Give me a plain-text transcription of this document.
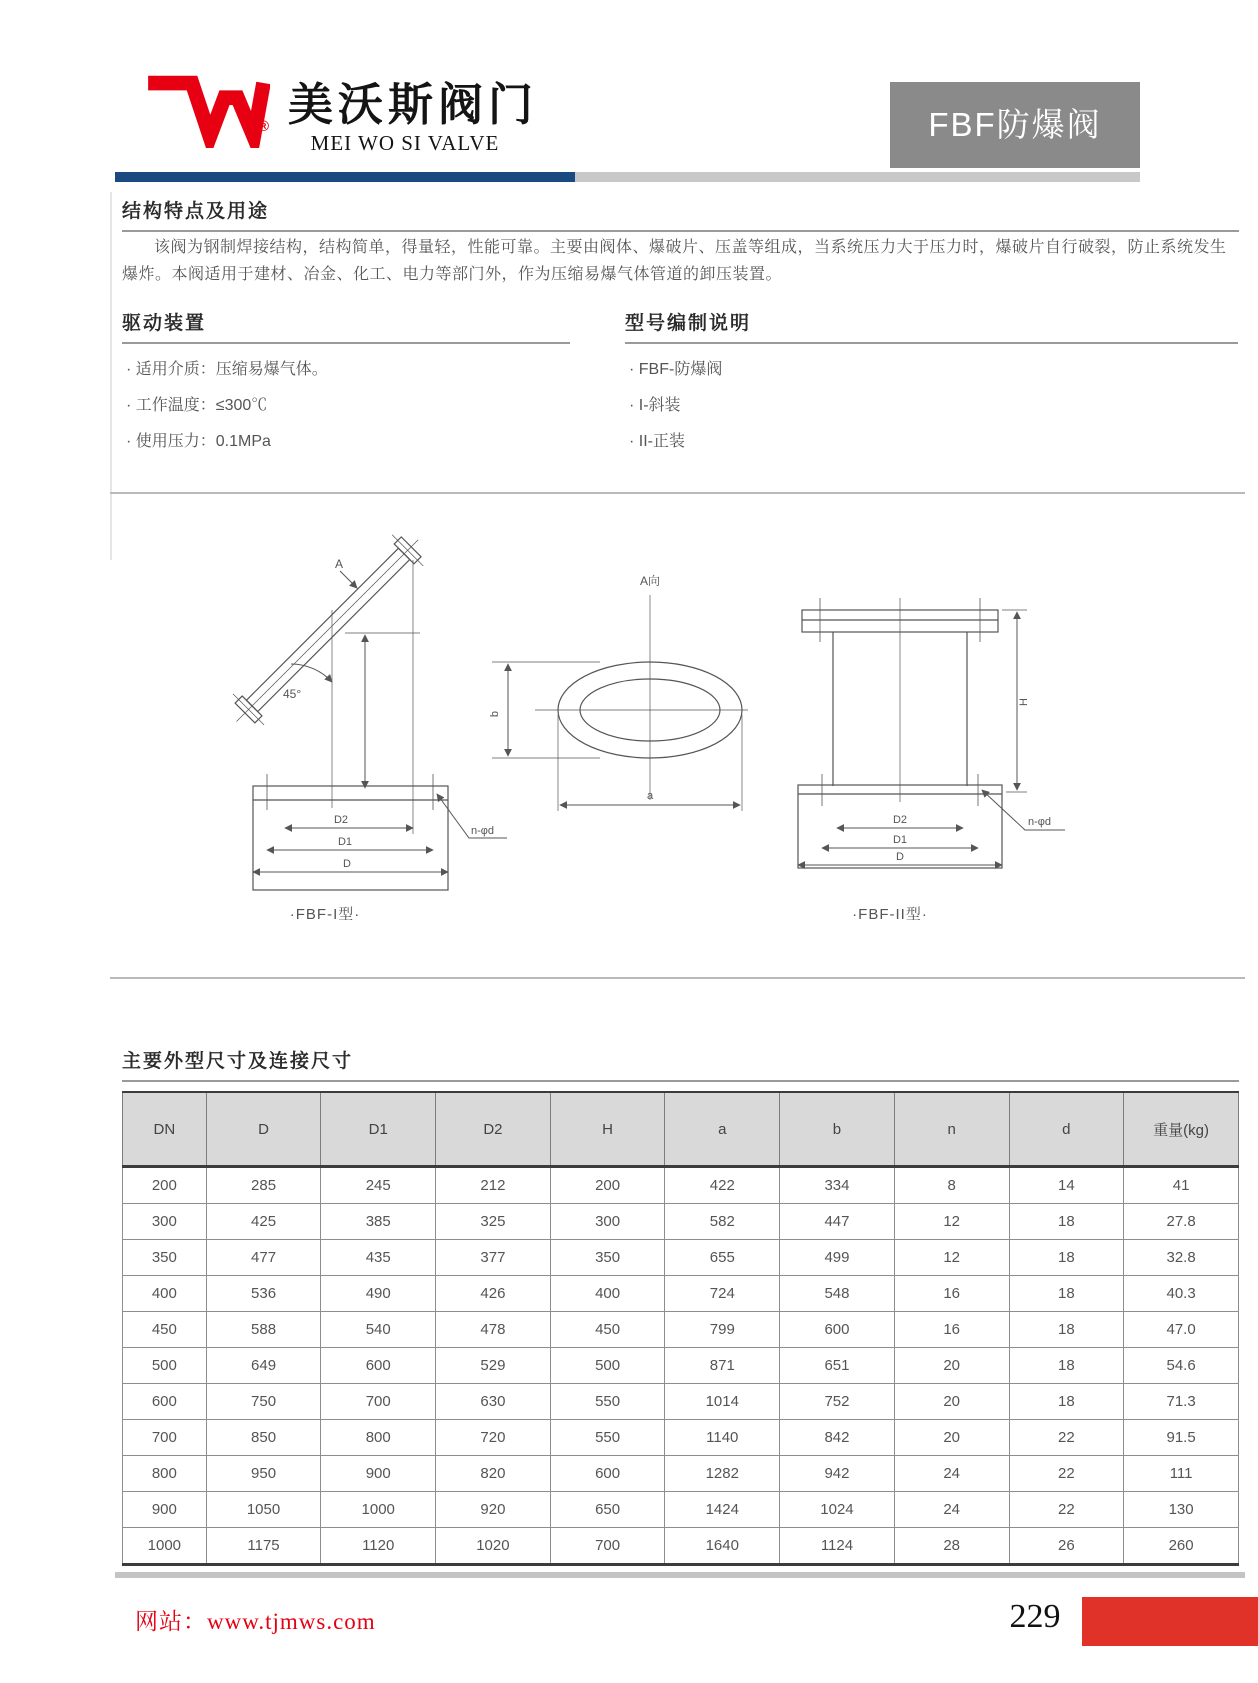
® 美沃斯阀门
MEI WO SI VALVE	FBF防爆阀
结构特点及用途
该阀为钢制焊接结构，结构简单，得量轻，性能可靠。主要由阀体、爆破片、压盖等组成，当系统压力大于压力时，爆破片自行破裂，防止系统发生爆炸。本阀适用于建材、冶金、化工、电力等部门外，作为压缩易爆气体管道的卸压装置。
驱动装置
· 适用介质：压缩易爆气体。
· 工作温度：≤300℃
· 使用压力：0.1MPa
型号编制说明
· FBF-防爆阀
· I-斜装
· II-正装
A
45°
D2
D1
D
n-φd
A向
b
a
H
D2
D1
D
n-φd
·FBF-I型·	·FBF-II型·
主要外型尺寸及连接尺寸
DN	D	D1	D2	H	a	b	n	d	重量(kg)
200	285	245	212	200	422	334	8	14	41
300	425	385	325	300	582	447	12	18	27.8
350	477	435	377	350	655	499	12	18	32.8
400	536	490	426	400	724	548	16	18	40.3
450	588	540	478	450	799	600	16	18	47.0
500	649	600	529	500	871	651	20	18	54.6
600	750	700	630	550	1014	752	20	18	71.3
700	850	800	720	550	1140	842	20	22	91.5
800	950	900	820	600	1282	942	24	22	111
900	1050	1000	920	650	1424	1024	24	22	130
1000	1175	1120	1020	700	1640	1124	28	26	260
网站：www.tjmws.com	229
